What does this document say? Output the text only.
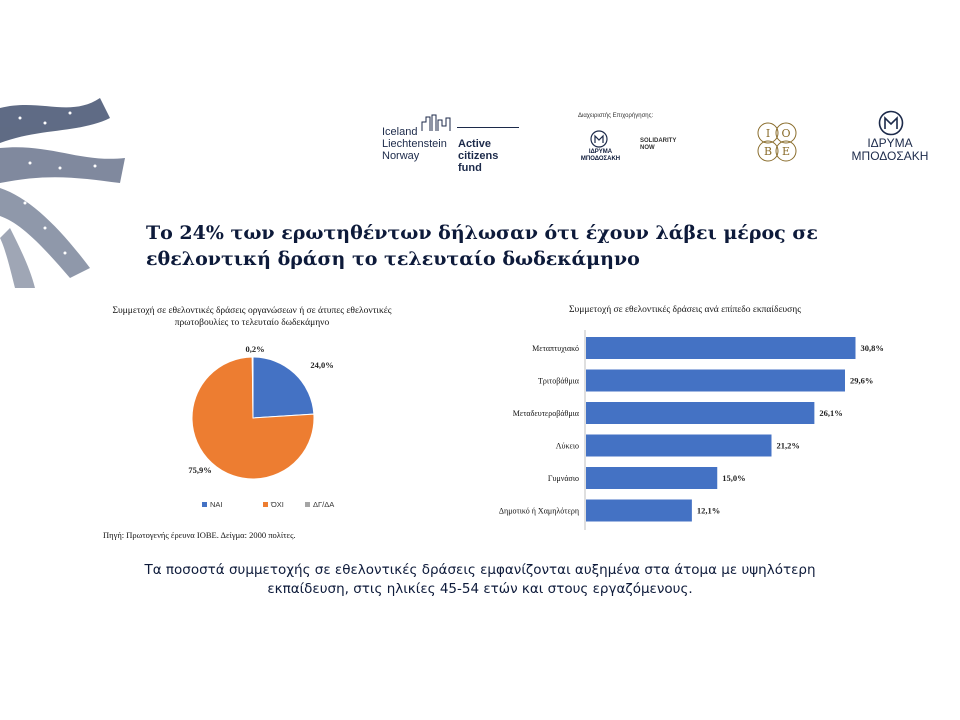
Iceland
Liechtenstein
Norway
Active
citizens fund
Διαχειριστής Επιχορήγησης:
ΙΔΡΥΜΑ
ΜΠΟΔΟΣΑΚΗ
SOLIDARITY
NOW
I O
B E
ΙΔΡΥΜΑ
ΜΠΟΔΟΣΑΚΗ
Το 24% των ερωτηθέντων δήλωσαν ότι έχουν λάβει μέρος σε εθελοντική δράση το τελευταίο δωδεκάμηνο
Συμμετοχή σε εθελοντικές δράσεις οργανώσεων ή σε άτυπες εθελοντικές πρωτοβουλίες το τελευταίο δωδεκάμηνο
Συμμετοχή σε εθελοντικές δράσεις ανά επίπεδο εκπαίδευσης
24,0%
75,9%
0,2%
ΝΑΙ	ΌΧΙ	ΔΓ/ΔΑ
Μεταπτυχιακό	30,8%
Τριτοβάθμια	29,6%
Μεταδευτεροβάθμια	26,1%
Λύκειο	21,2%
Γυμνάσιο	15,0%
Δημοτικό ή Χαμηλότερη	12,1%
Πηγή: Πρωτογενής έρευνα ΙΟΒΕ. Δείγμα: 2000 πολίτες.

Τα ποσοστά συμμετοχής σε εθελοντικές δράσεις εμφανίζονται αυξημένα στα άτομα με υψηλότερη εκπαίδευση, στις ηλικίες 45-54 ετών και στους εργαζόμενους.
